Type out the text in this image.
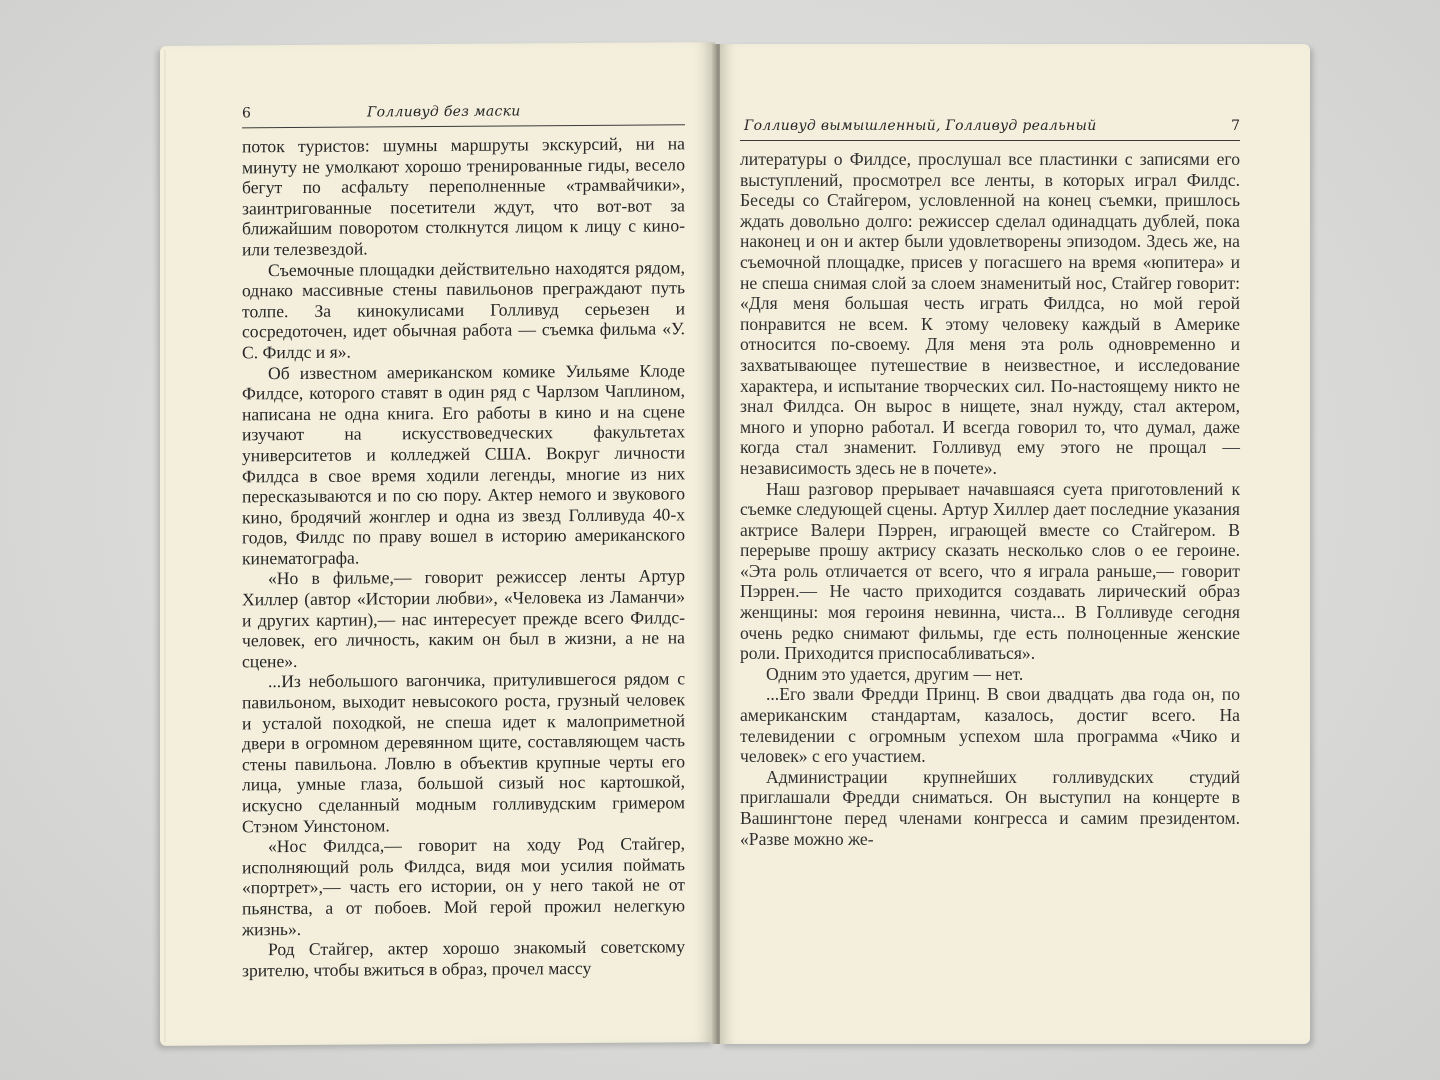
6	Голливуд без маски

поток туристов: шумны маршруты экскурсий, ни на минуту не умолкают хорошо тренированные гиды, весело бегут по асфальту переполненные «трамвайчики», заинтригованные посетители ждут, что вот-вот за ближайшим поворотом столкнутся лицом к лицу с кино- или телезвездой.

Съемочные площадки действительно находятся рядом, однако массивные стены павильонов преграждают путь толпе. За кинокулисами Голливуд серьезен и сосредоточен, идет обычная работа — съемка фильма «У. С. Филдс и я».

Об известном американском комике Уильяме Клоде Филдсе, которого ставят в один ряд с Чарлзом Чаплином, написана не одна книга. Его работы в кино и на сцене изучают на искусствоведческих факультетах университетов и колледжей США. Вокруг личности Филдса в свое время ходили легенды, многие из них пересказываются и по сю пору. Актер немого и звукового кино, бродячий жонглер и одна из звезд Голливуда 40-х годов, Филдс по праву вошел в историю американского кинематографа.

«Но в фильме,— говорит режиссер ленты Артур Хиллер (автор «Истории любви», «Человека из Ламанчи» и других картин),— нас интересует прежде всего Филдс-человек, его личность, каким он был в жизни, а не на сцене».

...Из небольшого вагончика, притулившегося рядом с павильоном, выходит невысокого роста, грузный человек и усталой походкой, не спеша идет к малоприметной двери в огромном деревянном щите, составляющем часть стены павильона. Ловлю в объектив крупные черты его лица, умные глаза, большой сизый нос картошкой, искусно сделанный модным голливудским гримером Стэном Уинстоном.

«Нос Филдса,— говорит на ходу Род Стайгер, исполняющий роль Филдса, видя мои усилия поймать «портрет»,— часть его истории, он у него такой не от пьянства, а от побоев. Мой герой прожил нелегкую жизнь».

Род Стайгер, актер хорошо знакомый советскому зрителю, чтобы вжиться в образ, прочел массу

Голливуд вымышленный, Голливуд реальный	7

литературы о Филдсе, прослушал все пластинки с записями его выступлений, просмотрел все ленты, в которых играл Филдс. Беседы со Стайгером, условленной на конец съемки, пришлось ждать довольно долго: режиссер сделал одинадцать дублей, пока наконец и он и актер были удовлетворены эпизодом. Здесь же, на съемочной площадке, присев у погасшего на время «юпитера» и не спеша снимая слой за слоем знаменитый нос, Стайгер говорит: «Для меня большая честь играть Филдса, но мой герой понравится не всем. К этому человеку каждый в Америке относится по-своему. Для меня эта роль одновременно и захватывающее путешествие в неизвестное, и исследование характера, и испытание творческих сил. По-настоящему никто не знал Филдса. Он вырос в нищете, знал нужду, стал актером, много и упорно работал. И всегда говорил то, что думал, даже когда стал знаменит. Голливуд ему этого не прощал — независимость здесь не в почете».

Наш разговор прерывает начавшаяся суета приготовлений к съемке следующей сцены. Артур Хиллер дает последние указания актрисе Валери Пэррен, играющей вместе со Стайгером. В перерыве прошу актрису сказать несколько слов о ее героине. «Эта роль отличается от всего, что я играла раньше,— говорит Пэррен.— Не часто приходится создавать лирический образ женщины: моя героиня невинна, чиста... В Голливуде сегодня очень редко снимают фильмы, где есть полноценные женские роли. Приходится приспосабливаться».

Одним это удается, другим — нет.

...Его звали Фредди Принц. В свои двадцать два года он, по американским стандартам, казалось, достиг всего. На телевидении с огромным успехом шла программа «Чико и человек» с его участием.

Администрации крупнейших голливудских студий приглашали Фредди сниматься. Он выступил на концерте в Вашингтоне перед членами конгресса и самим президентом. «Разве можно же-
